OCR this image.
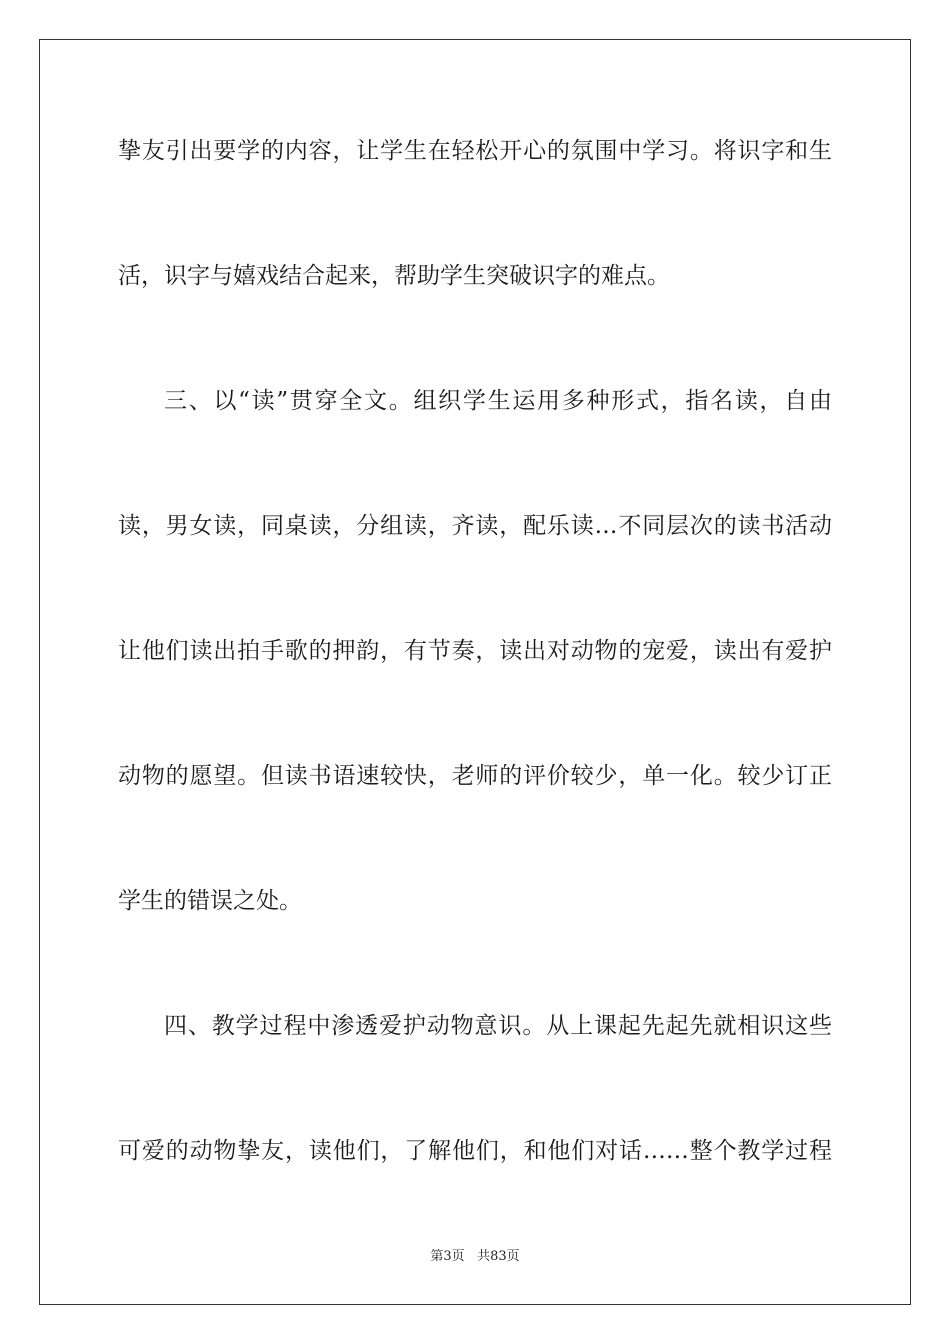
挚友引出要学的内容，让学生在轻松开心的氛围中学习。将识字和生
活，识字与嬉戏结合起来，帮助学生突破识字的难点。
三、以“读”贯穿全文。组织学生运用多种形式，指名读，自由
读，男女读，同桌读，分组读，齐读，配乐读…不同层次的读书活动
让他们读出拍手歌的押韵，有节奏，读出对动物的宠爱，读出有爱护
动物的愿望。但读书语速较快，老师的评价较少，单一化。较少订正
学生的错误之处。
四、教学过程中渗透爱护动物意识。从上课起先起先就相识这些
可爱的动物挚友，读他们，了解他们，和他们对话……整个教学过程
第3页 共83页
